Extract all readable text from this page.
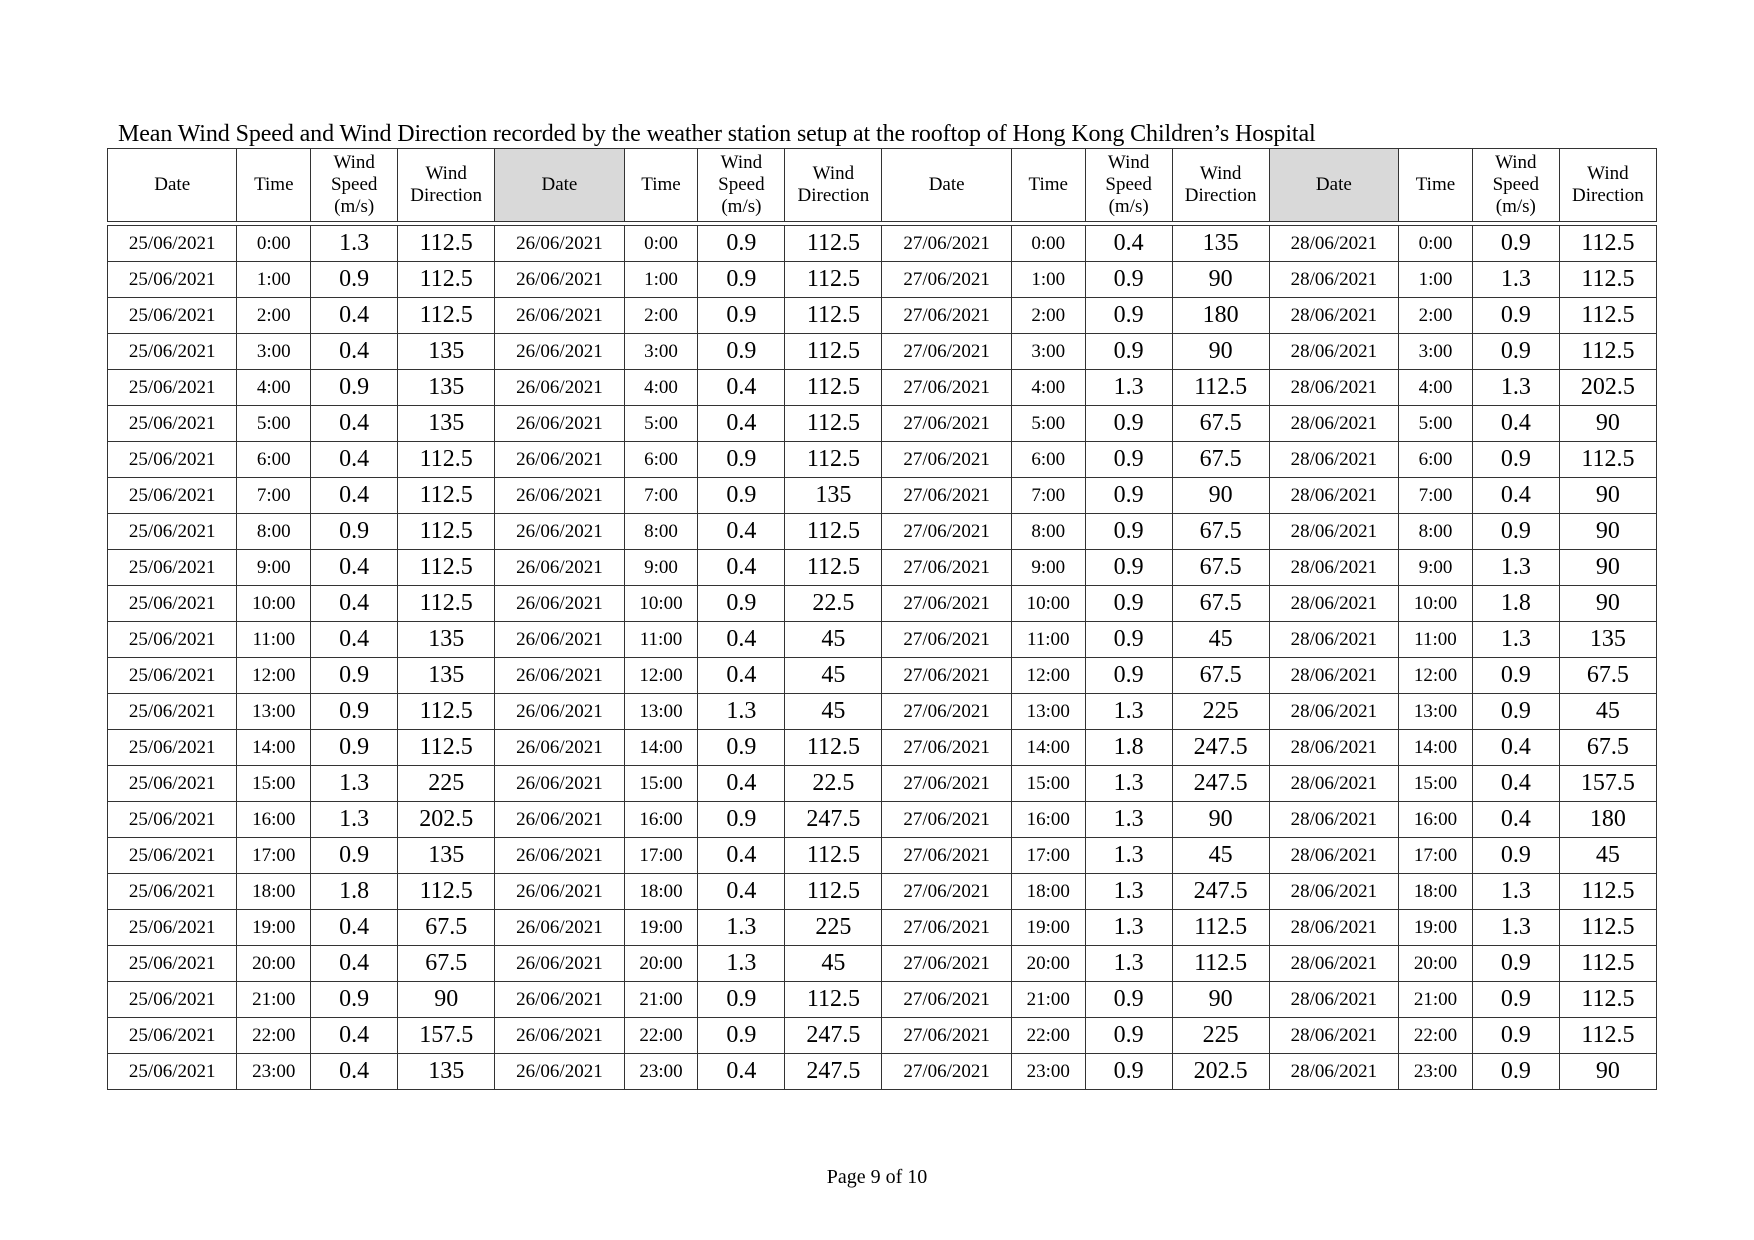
Mean Wind Speed and Wind Direction recorded by the weather station setup at the rooftop of Hong Kong Children’s Hospital
Date	Time	Wind
Speed
(m/s)	Wind
Direction	Date	Time	Wind
Speed
(m/s)	Wind
Direction	Date	Time	Wind
Speed
(m/s)	Wind
Direction	Date	Time	Wind
Speed
(m/s)	Wind
Direction

25/06/2021	0:00	1.3	112.5	26/06/2021	0:00	0.9	112.5	27/06/2021	0:00	0.4	135	28/06/2021	0:00	0.9	112.5
25/06/2021	1:00	0.9	112.5	26/06/2021	1:00	0.9	112.5	27/06/2021	1:00	0.9	90	28/06/2021	1:00	1.3	112.5
25/06/2021	2:00	0.4	112.5	26/06/2021	2:00	0.9	112.5	27/06/2021	2:00	0.9	180	28/06/2021	2:00	0.9	112.5
25/06/2021	3:00	0.4	135	26/06/2021	3:00	0.9	112.5	27/06/2021	3:00	0.9	90	28/06/2021	3:00	0.9	112.5
25/06/2021	4:00	0.9	135	26/06/2021	4:00	0.4	112.5	27/06/2021	4:00	1.3	112.5	28/06/2021	4:00	1.3	202.5
25/06/2021	5:00	0.4	135	26/06/2021	5:00	0.4	112.5	27/06/2021	5:00	0.9	67.5	28/06/2021	5:00	0.4	90
25/06/2021	6:00	0.4	112.5	26/06/2021	6:00	0.9	112.5	27/06/2021	6:00	0.9	67.5	28/06/2021	6:00	0.9	112.5
25/06/2021	7:00	0.4	112.5	26/06/2021	7:00	0.9	135	27/06/2021	7:00	0.9	90	28/06/2021	7:00	0.4	90
25/06/2021	8:00	0.9	112.5	26/06/2021	8:00	0.4	112.5	27/06/2021	8:00	0.9	67.5	28/06/2021	8:00	0.9	90
25/06/2021	9:00	0.4	112.5	26/06/2021	9:00	0.4	112.5	27/06/2021	9:00	0.9	67.5	28/06/2021	9:00	1.3	90
25/06/2021	10:00	0.4	112.5	26/06/2021	10:00	0.9	22.5	27/06/2021	10:00	0.9	67.5	28/06/2021	10:00	1.8	90
25/06/2021	11:00	0.4	135	26/06/2021	11:00	0.4	45	27/06/2021	11:00	0.9	45	28/06/2021	11:00	1.3	135
25/06/2021	12:00	0.9	135	26/06/2021	12:00	0.4	45	27/06/2021	12:00	0.9	67.5	28/06/2021	12:00	0.9	67.5
25/06/2021	13:00	0.9	112.5	26/06/2021	13:00	1.3	45	27/06/2021	13:00	1.3	225	28/06/2021	13:00	0.9	45
25/06/2021	14:00	0.9	112.5	26/06/2021	14:00	0.9	112.5	27/06/2021	14:00	1.8	247.5	28/06/2021	14:00	0.4	67.5
25/06/2021	15:00	1.3	225	26/06/2021	15:00	0.4	22.5	27/06/2021	15:00	1.3	247.5	28/06/2021	15:00	0.4	157.5
25/06/2021	16:00	1.3	202.5	26/06/2021	16:00	0.9	247.5	27/06/2021	16:00	1.3	90	28/06/2021	16:00	0.4	180
25/06/2021	17:00	0.9	135	26/06/2021	17:00	0.4	112.5	27/06/2021	17:00	1.3	45	28/06/2021	17:00	0.9	45
25/06/2021	18:00	1.8	112.5	26/06/2021	18:00	0.4	112.5	27/06/2021	18:00	1.3	247.5	28/06/2021	18:00	1.3	112.5
25/06/2021	19:00	0.4	67.5	26/06/2021	19:00	1.3	225	27/06/2021	19:00	1.3	112.5	28/06/2021	19:00	1.3	112.5
25/06/2021	20:00	0.4	67.5	26/06/2021	20:00	1.3	45	27/06/2021	20:00	1.3	112.5	28/06/2021	20:00	0.9	112.5
25/06/2021	21:00	0.9	90	26/06/2021	21:00	0.9	112.5	27/06/2021	21:00	0.9	90	28/06/2021	21:00	0.9	112.5
25/06/2021	22:00	0.4	157.5	26/06/2021	22:00	0.9	247.5	27/06/2021	22:00	0.9	225	28/06/2021	22:00	0.9	112.5
25/06/2021	23:00	0.4	135	26/06/2021	23:00	0.4	247.5	27/06/2021	23:00	0.9	202.5	28/06/2021	23:00	0.9	90
Page 9 of 10
